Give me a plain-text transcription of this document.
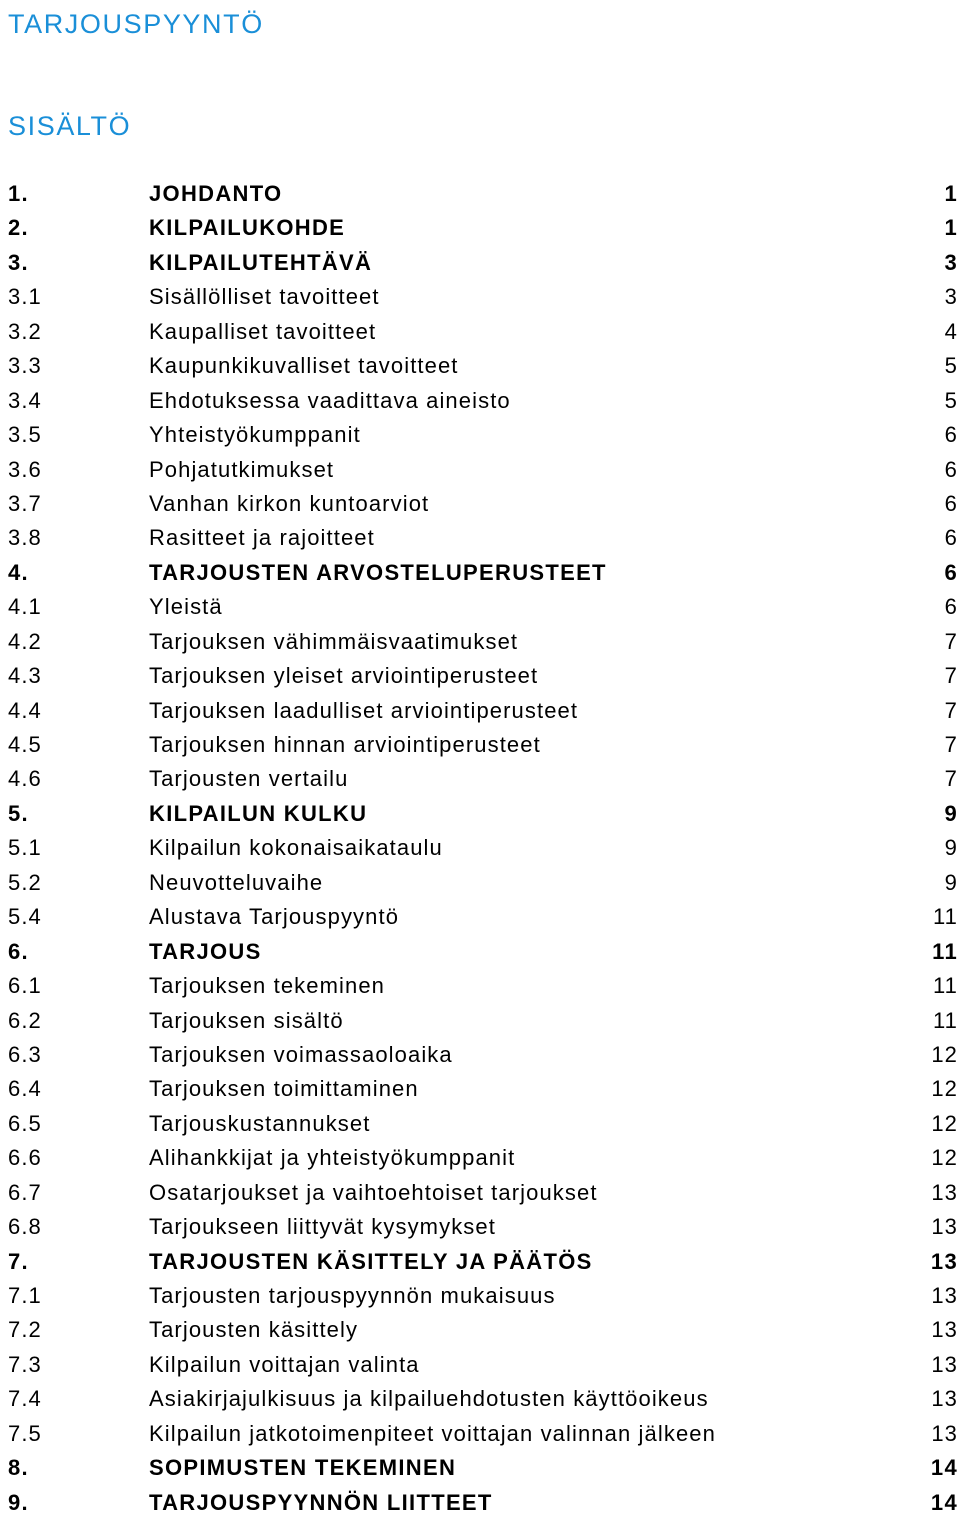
TARJOUSPYYNTÖ
SISÄLTÖ
1.	JOHDANTO	1
2.	KILPAILUKOHDE	1
3.	KILPAILUTEHTÄVÄ	3
3.1	Sisällölliset tavoitteet	3
3.2	Kaupalliset tavoitteet	4
3.3	Kaupunkikuvalliset tavoitteet	5
3.4	Ehdotuksessa vaadittava aineisto	5
3.5	Yhteistyökumppanit	6
3.6	Pohjatutkimukset	6
3.7	Vanhan kirkon kuntoarviot	6
3.8	Rasitteet ja rajoitteet	6
4.	TARJOUSTEN ARVOSTELUPERUSTEET	6
4.1	Yleistä	6
4.2	Tarjouksen vähimmäisvaatimukset	7
4.3	Tarjouksen yleiset arviointiperusteet	7
4.4	Tarjouksen laadulliset arviointiperusteet	7
4.5	Tarjouksen hinnan arviointiperusteet	7
4.6	Tarjousten vertailu	7
5.	KILPAILUN KULKU	9
5.1	Kilpailun kokonaisaikataulu	9
5.2	Neuvotteluvaihe	9
5.4	Alustava Tarjouspyyntö	11
6.	TARJOUS	11
6.1	Tarjouksen tekeminen	11
6.2	Tarjouksen sisältö	11
6.3	Tarjouksen voimassaoloaika	12
6.4	Tarjouksen toimittaminen	12
6.5	Tarjouskustannukset	12
6.6	Alihankkijat ja yhteistyökumppanit	12
6.7	Osatarjoukset ja vaihtoehtoiset tarjoukset	13
6.8	Tarjoukseen liittyvät kysymykset	13
7.	TARJOUSTEN KÄSITTELY JA PÄÄTÖS	13
7.1	Tarjousten tarjouspyynnön mukaisuus	13
7.2	Tarjousten käsittely	13
7.3	Kilpailun voittajan valinta	13
7.4	Asiakirjajulkisuus ja kilpailuehdotusten käyttöoikeus	13
7.5	Kilpailun jatkotoimenpiteet voittajan valinnan jälkeen	13
8.	SOPIMUSTEN TEKEMINEN	14
9.	TARJOUSPYYNNÖN LIITTEET	14
